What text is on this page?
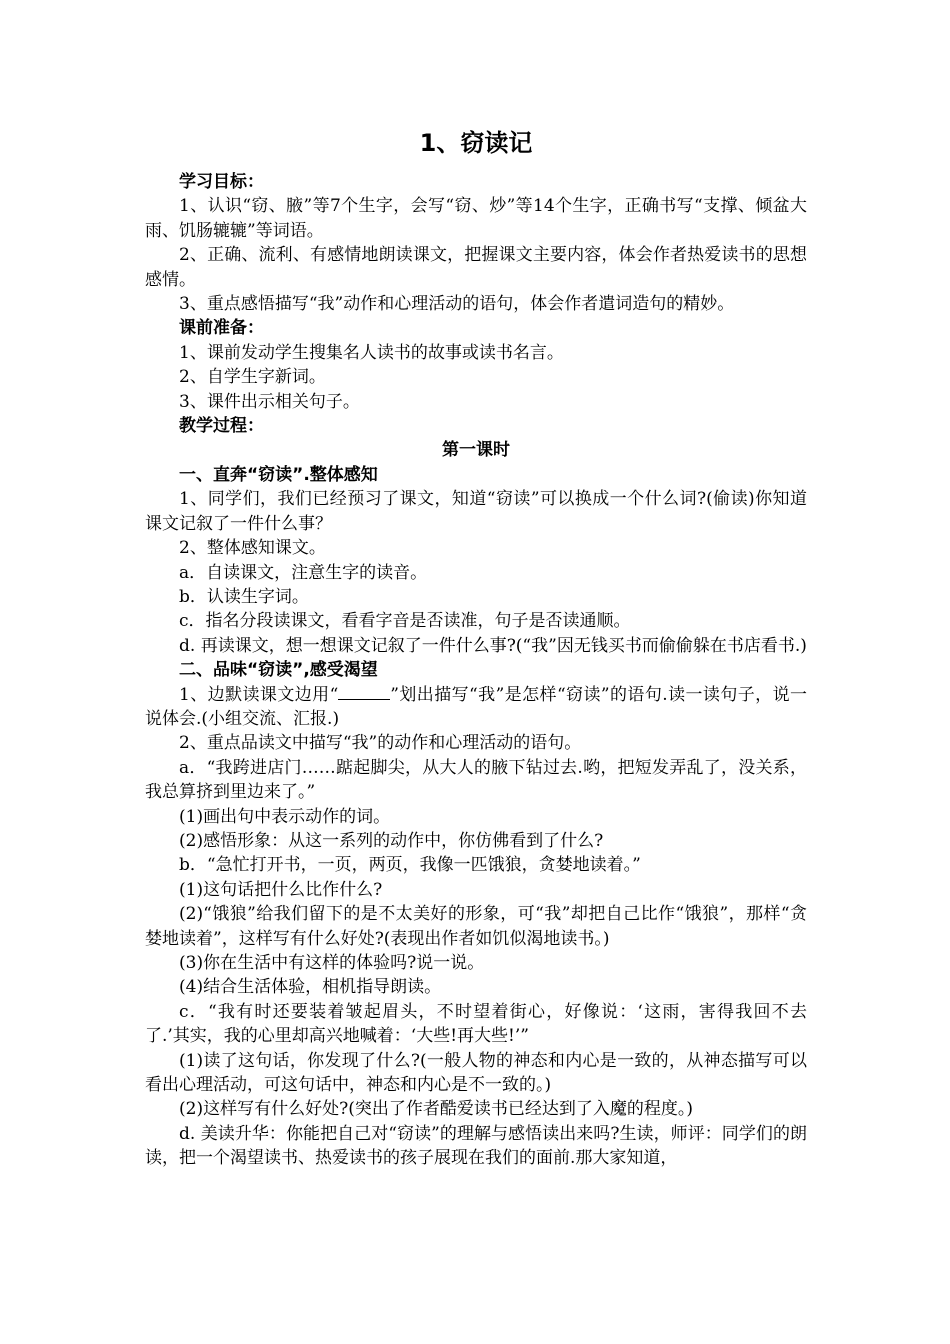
1、窃读记

学习目标：

1、认识“窃、腋”等7个生字，会写“窃、炒”等14个生字，正确书写“支撑、倾盆大雨、饥肠辘辘”等词语。

2、正确、流利、有感情地朗读课文，把握课文主要内容，体会作者热爱读书的思想感情。

3、重点感悟描写“我”动作和心理活动的语句，体会作者遣词造句的精妙。

课前准备：

1、课前发动学生搜集名人读书的故事或读书名言。

2、自学生字新词。

3、课件出示相关句子。

教学过程：

第一课时

一、直奔“窃读”.整体感知

1、同学们，我们已经预习了课文，知道“窃读”可以换成一个什么词?(偷读)你知道课文记叙了一件什么事？

2、整体感知课文。

a．自读课文，注意生字的读音。

b．认读生字词。

c．指名分段读课文，看看字音是否读准，句子是否读通顺。

d. 再读课文，想一想课文记叙了一件什么事?(“我”因无钱买书而偷偷躲在书店看书.)

二、品味“窃读”,感受渴望

1、边默读课文边用“	”划出描写“我”是怎样“窃读”的语句.读一读句子，说一说体会.(小组交流、汇报.)

2、重点品读文中描写“我”的动作和心理活动的语句。

a．“我跨进店门……踮起脚尖，从大人的腋下钻过去.哟，把短发弄乱了，没关系，我总算挤到里边来了。”

(1)画出句中表示动作的词。

(2)感悟形象：从这一系列的动作中，你仿佛看到了什么?

b．“急忙打开书，一页，两页，我像一匹饿狼，贪婪地读着。”

(1)这句话把什么比作什么?

(2)“饿狼”给我们留下的是不太美好的形象，可“我”却把自己比作“饿狼”，那样“贪婪地读着”，这样写有什么好处?(表现出作者如饥似渴地读书。)

(3)你在生活中有这样的体验吗?说一说。

(4)结合生活体验，相机指导朗读。

c．“我有时还要装着皱起眉头，不时望着街心，好像说：‘这雨，害得我回不去了.’其实，我的心里却高兴地喊着：‘大些!再大些!’”

(1)读了这句话，你发现了什么?(一般人物的神态和内心是一致的，从神态描写可以看出心理活动，可这句话中，神态和内心是不一致的。)

(2)这样写有什么好处?(突出了作者酷爱读书已经达到了入魔的程度。)

d. 美读升华：你能把自己对“窃读”的理解与感悟读出来吗?生读，师评：同学们的朗读，把一个渴望读书、热爱读书的孩子展现在我们的面前.那大家知道，
